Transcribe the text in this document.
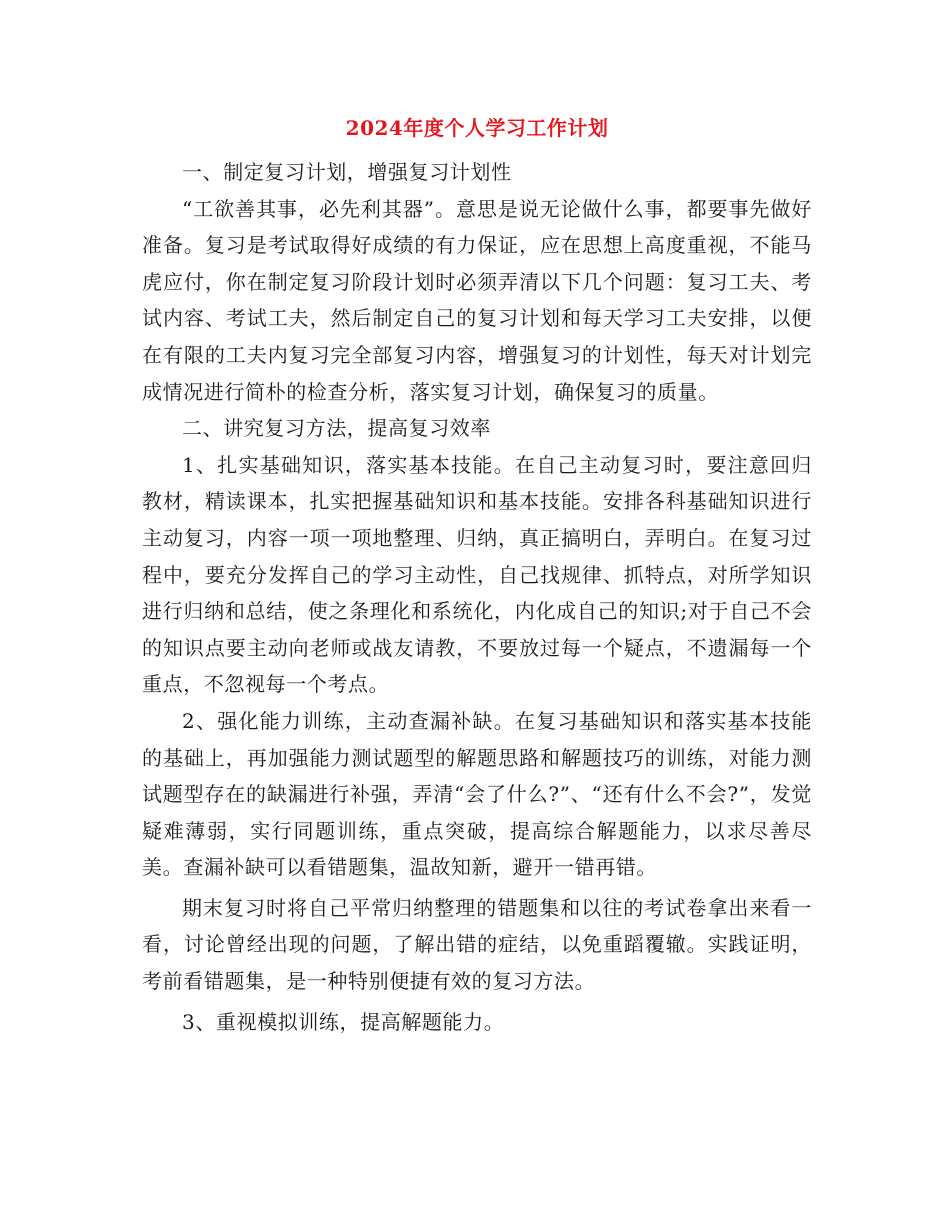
2024年度个人学习工作计划

一、制定复习计划，增强复习计划性

“工欲善其事，必先利其器”。意思是说无论做什么事，都要事先做好准备。复习是考试取得好成绩的有力保证，应在思想上高度重视，不能马虎应付，你在制定复习阶段计划时必须弄清以下几个问题：复习工夫、考试内容、考试工夫，然后制定自己的复习计划和每天学习工夫安排，以便在有限的工夫内复习完全部复习内容，增强复习的计划性，每天对计划完成情况进行简朴的检查分析，落实复习计划，确保复习的质量。

二、讲究复习方法，提高复习效率

1、扎实基础知识，落实基本技能。在自己主动复习时，要注意回归教材，精读课本，扎实把握基础知识和基本技能。安排各科基础知识进行主动复习，内容一项一项地整理、归纳，真正搞明白，弄明白。在复习过程中，要充分发挥自己的学习主动性，自己找规律、抓特点，对所学知识进行归纳和总结，使之条理化和系统化，内化成自己的知识;对于自己不会的知识点要主动向老师或战友请教，不要放过每一个疑点，不遗漏每一个重点，不忽视每一个考点。

2、强化能力训练，主动查漏补缺。在复习基础知识和落实基本技能的基础上，再加强能力测试题型的解题思路和解题技巧的训练，对能力测试题型存在的缺漏进行补强，弄清“会了什么?”、“还有什么不会?”，发觉疑难薄弱，实行同题训练，重点突破，提高综合解题能力，以求尽善尽美。查漏补缺可以看错题集，温故知新，避开一错再错。

期末复习时将自己平常归纳整理的错题集和以往的考试卷拿出来看一看，讨论曾经出现的问题，了解出错的症结，以免重蹈覆辙。实践证明，考前看错题集，是一种特别便捷有效的复习方法。

3、重视模拟训练，提高解题能力。
